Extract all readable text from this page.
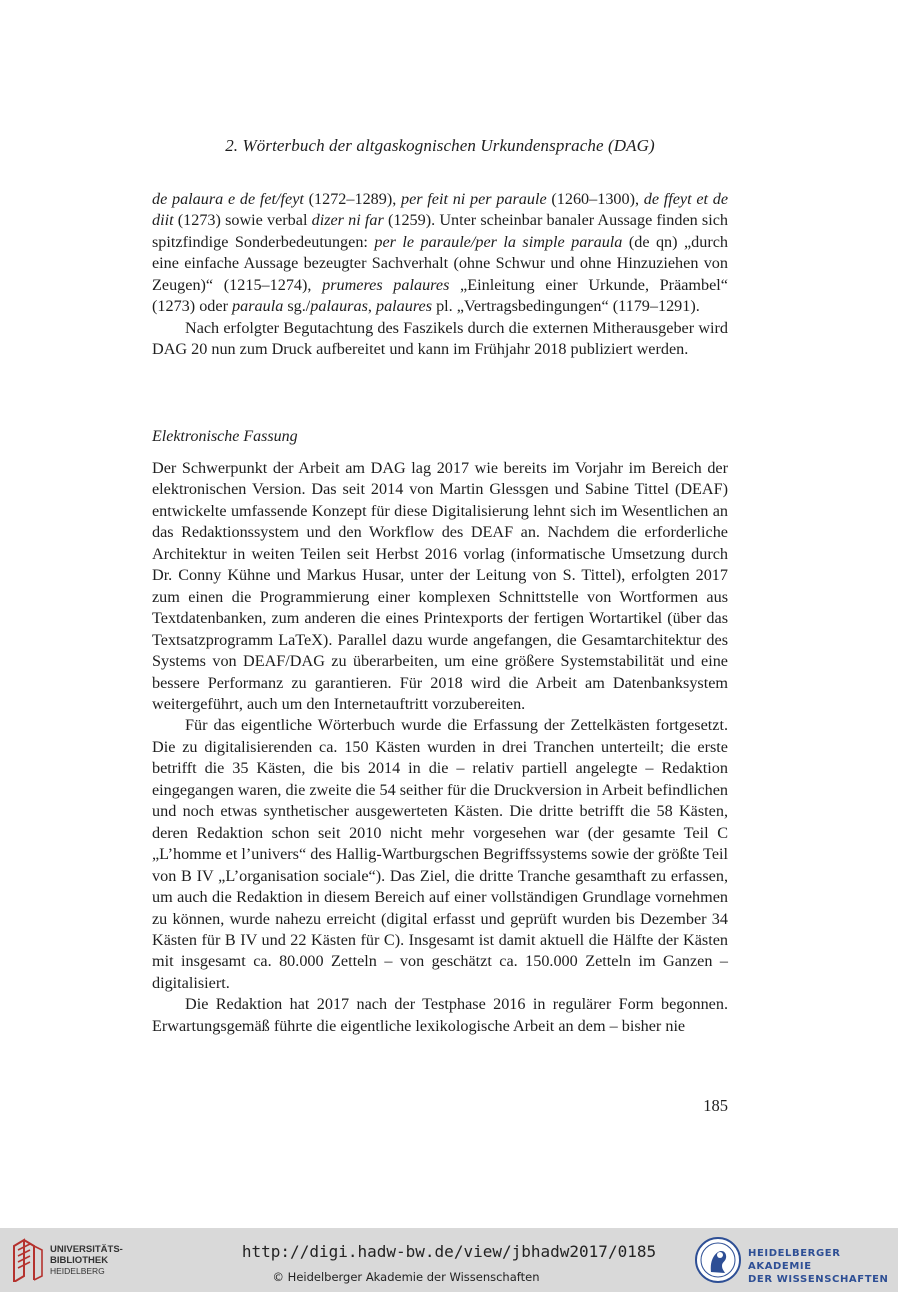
2. Wörterbuch der altgaskognischen Urkundensprache (DAG)

de palaura e de fet/feyt (1272–1289), per feit ni per paraule (1260–1300), de ffeyt et de diit (1273) sowie verbal dizer ni far (1259). Unter scheinbar banaler Aussage finden sich spitzfindige Sonderbedeutungen: per le paraule/per la simple paraula (de qn) „durch eine einfache Aussage bezeugter Sachverhalt (ohne Schwur und ohne Hinzuziehen von Zeugen)“ (1215–1274), prumeres palaures „Einleitung einer Urkunde, Präambel“ (1273) oder paraula sg./palauras, palaures pl. „Vertragsbedingungen“ (1179–1291).

Nach erfolgter Begutachtung des Faszikels durch die externen Mitherausgeber wird DAG 20 nun zum Druck aufbereitet und kann im Frühjahr 2018 publiziert werden.

Elektronische Fassung

Der Schwerpunkt der Arbeit am DAG lag 2017 wie bereits im Vorjahr im Bereich der elektronischen Version. Das seit 2014 von Martin Glessgen und Sabine Tittel (DEAF) entwickelte umfassende Konzept für diese Digitalisierung lehnt sich im Wesentlichen an das Redaktionssystem und den Workflow des DEAF an. Nachdem die erforderliche Architektur in weiten Teilen seit Herbst 2016 vorlag (informatische Umsetzung durch Dr. Conny Kühne und Markus Husar, unter der Leitung von S. Tittel), erfolgten 2017 zum einen die Programmierung einer komplexen Schnittstelle von Wortformen aus Textdatenbanken, zum anderen die eines Printexports der fertigen Wortartikel (über das Textsatzprogramm LaTeX). Parallel dazu wurde angefangen, die Gesamtarchitektur des Systems von DEAF/DAG zu überarbeiten, um eine größere Systemstabilität und eine bessere Performanz zu garantieren. Für 2018 wird die Arbeit am Datenbanksystem weitergeführt, auch um den Internetauftritt vorzubereiten.

Für das eigentliche Wörterbuch wurde die Erfassung der Zettelkästen fortgesetzt. Die zu digitalisierenden ca. 150 Kästen wurden in drei Tranchen unterteilt; die erste betrifft die 35 Kästen, die bis 2014 in die – relativ partiell angelegte – Redaktion eingegangen waren, die zweite die 54 seither für die Druckversion in Arbeit befindlichen und noch etwas synthetischer ausgewerteten Kästen. Die dritte betrifft die 58 Kästen, deren Redaktion schon seit 2010 nicht mehr vorgesehen war (der gesamte Teil C „L’homme et l’univers“ des Hallig-Wartburgschen Begriffssystems sowie der größte Teil von B IV „L’organisation sociale“). Das Ziel, die dritte Tranche gesamthaft zu erfassen, um auch die Redaktion in diesem Bereich auf einer vollständigen Grundlage vornehmen zu können, wurde nahezu erreicht (digital erfasst und geprüft wurden bis Dezember 34 Kästen für B IV und 22 Kästen für C). Insgesamt ist damit aktuell die Hälfte der Kästen mit insgesamt ca. 80.000 Zetteln – von geschätzt ca. 150.000 Zetteln im Ganzen – digitalisiert.

Die Redaktion hat 2017 nach der Testphase 2016 in regulärer Form begonnen. Erwartungsgemäß führte die eigentliche lexikologische Arbeit an dem – bisher nie

185
UNIVERSITÄTS-
BIBLIOTHEK
HEIDELBERG
http://digi.hadw-bw.de/view/jbhadw2017/0185
© Heidelberger Akademie der Wissenschaften
HEIDELBERGER AKADEMIE
DER WISSENSCHAFTEN
